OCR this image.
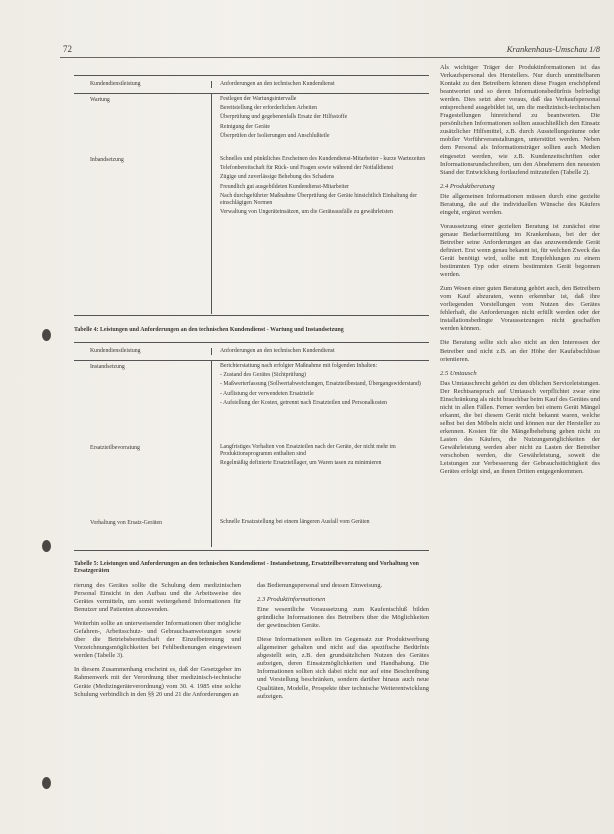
72	Krankenhaus-Umschau 1/8
Kundendienstleistung	Anforderungen an den technischen Kundendienst
Wartung	Festlegen der Wartungsintervalle
Bereitstellung der erforderlichen Arbeiten
Überprüfung und gegebenenfalls Ersatz der Hilfsstoffe
Reinigung der Geräte
Überprüfen der Isolierungen und Anschlußteile
Inbandsetzung	Schnelles und pünktliches Erscheinen des Kundendienst-Mitarbeiter - kurze Wartezeiten
Telefonbereitschaft für Rück- und Fragen sowie während der Notfalldienst
Zügige und zuverlässige Behebung des Schadens
Freundlich gut ausgebildeten Kundendienst-Mitarbeiter
Nach durchgeführter Maßnahme Überprüfung der Geräte hinsichtlich Einhaltung der einschlägigen Normen
Verwaltung von Ungeräteinsätzen, um die Geräteausfälle zu gewährleisten
Tabelle 4: Leistungen und Anforderungen an den technischen Kundendienst - Wartung und Instandsetzung
Kundendienstleistung	Anforderungen an den technischen Kundendienst
Instandsetzung	Berichterstattung nach erfolgter Maßnahme mit folgenden Inhalten:
- Zustand des Gerätes (Sichtprüfung)
- Maßwerterfassung (Sollwertabweichungen, Ersatzteilbestand, Übergangswiderstand)
- Auflistung der verwendeten Ersatzteile
- Aufstellung der Kosten, getrennt nach Ersatzteilen und Personalkosten
Ersatzteilbevorratung	Langfristiges Vorhalten von Ersatzteilen nach der Geräte, der nicht mehr im Produktionsprogramm enthalten sind
Regelmäßig definierte Ersatzteillager, um Waren tasen zu minimieren
Vorhaltung von Ersatz-Geräten	Schnelle Ersatzstellung bei einem längeren Ausfall vom Geräten
Tabelle 5: Leistungen und Anforderungen an den technischen Kundendienst - Instandsetzung, Ersatzteilbevorratung und Vorhaltung von Ersatzgeräten

rierung des Gerätes sollte die Schulung dem medizinischen Personal Einsicht in den Aufbau und die Arbeitsweise des Gerätes vermitteln, um somit weitergehend Informationen für Benutzer und Patienten abzuwenden.

Weiterhin sollte an unterweisender Informationen über mögliche Gefahren-, Arbeitsschutz- und Gebrauchsanweisungen sowie über die Betriebsbereitschaft der Einzelbetreuung und Vorzeichnungsmöglichkeiten bei Fehlbedienungen eingewiesen werden (Tabelle 3).

In diesem Zusammenhang erscheint es, daß der Gesetzgeber im Rahmenwerk mit der Verordnung über medizinisch-technische Geräte (Medizingeräteverordnung) vom 30. 4. 1985 eine solche Schulung verbindlich in den §§ 20 und 21 die Anforderungen an

das Bedienungspersonal und dessen Einweisung.

2.3 Produktinformationen

Eine wesentliche Voraussetzung zum Kaufentschluß bilden gründliche Informationen des Betreibers über die Möglichkeiten der gewünschten Geräte.

Diese Informationen sollten im Gegensatz zur Produktwerbung allgemeiner gehalten und nicht auf das spezifische Bedürfnis abgestellt sein, z.B. den grundsätzlichen Nutzen des Gerätes aufzeigen, deren Einsatzmöglichkeiten und Handhabung. Die Informationen sollten sich dabei nicht nur auf eine Beschreibung und Vorstellung beschränken, sondern darüber hinaus auch neue Qualitäten, Modelle, Prospekte über technische Weiterentwicklung aufzeigen.

Als wichtiger Träger der Produktinformationen ist das Verkaufspersonal des Herstellers. Nur durch unmittelbaren Kontakt zu den Betreibern können diese Fragen erschöpfend beantwortet und so deren Informationsbedürfnis befriedigt werden. Dies setzt aber voraus, daß das Verkaufspersonal entsprechend ausgebildet ist, um die medizinisch-technischen Fragestellungen hinreichend zu beantworten. Die persönlichen Informationen sollten ausschließlich den Einsatz zusätzlicher Hilfsmittel, z.B. durch Ausstellungsräume oder mobiler Vorführveranstaltungen, unterstützt werden. Neben dem Personal als Informationsträger sollten auch Medien eingesetzt werden, wie z.B. Kundenzeitschriften oder Informationsrundschreiben, um den Abnehmern den neuesten Stand der Entwicklung fortlaufend mitzuteilen (Tabelle 2).

2.4 Produktberatung

Die allgemeinen Informationen müssen durch eine gezielte Beratung, die auf die individuellen Wünsche des Käufers eingeht, ergänzt werden.

Voraussetzung einer gezielten Beratung ist zunächst eine genaue Bedarfsermittlung im Krankenhaus, bei der der Betreiber seine Anforderungen an das anzuwendende Gerät definiert. Erst wenn genau bekannt ist, für welchen Zweck das Gerät benötigt wird, sollte mit Empfehlungen zu einem bestimmten Typ oder einem bestimmten Gerät begonnen werden.

Zum Wesen einer guten Beratung gehört auch, den Betreibern vom Kauf abzuraten, wenn erkennbar ist, daß ihre vorliegenden Vorstellungen vom Nutzen des Gerätes fehlerhaft, die Anforderungen nicht erfüllt werden oder der installationsbedingte Voraussetzungen nicht geschaffen werden können.

Die Beratung sollte sich also nicht an den Interessen der Betreiber und nicht z.B. an der Höhe der Kaufabschlüsse orientieren.

2.5 Umtausch

Das Umtauschrecht gehört zu den üblichen Serviceleistungen. Der Rechtsanspruch auf Umtausch verpflichtet zwar eine Einschränkung als nicht brauchbar beim Kauf des Gerätes und nicht in allen Fällen. Ferner werden bei einem Gerät Mängel erkannt, die bei diesem Gerät nicht bekannt waren, welche selbst bei den Möbeln nicht und können nur der Hersteller zu erkennen. Kosten für die Mängelbehebung gehen nicht zu Lasten des Käufers, die Nutzungsmöglichkeiten der Gewährleistung werden aber nicht zu Lasten der Betreiber verschoben werden, die Gewährleistung, soweit die Leistungen zur Verbesserung der Gebrauchstüchtigkeit des Gerätes erfolgt sind, an ihnen Dritten entgegenkommen.
